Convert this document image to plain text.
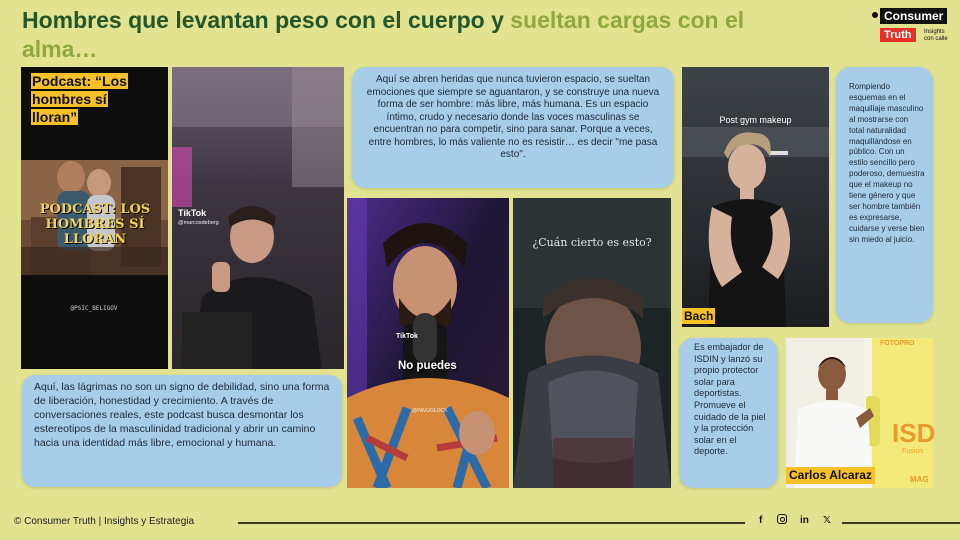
Hombres que levantan peso con el cuerpo y sueltan cargas con el alma…
Consumer
Truth	Insights con calle
@PSIC_BELIGOV
PODCAST: LOS HOMBRES SÍ LLORAN
Podcast: “Los hombres sí lloran”
TikTok
@marcosdeberg
TikTok
No puedes
@PAVUOLOCK
¿Cuán cierto es esto?
Aquí se abren heridas que nunca tuvieron espacio, se sueltan emociones que siempre se aguantaron, y se construye una nueva forma de ser hombre: más libre, más humana. Es un espacio íntimo, crudo y necesario donde las voces masculinas se encuentran no para competir, sino para sanar. Porque a veces, entre hombres, lo más valiente no es resistir… es decir "me pasa esto".
Post gym makeup
Bach
Rompiendo esquemas en el maquillaje masculino al mostrarse con total naturalidad maquillándose en público. Con un estilo sencillo pero poderoso, demuestra que el makeup no tiene género y que ser hombre también es expresarse, cuidarse y verse bien sin miedo al juicio.
Es embajador de ISDIN y lanzó su propio protector solar para deportistas. Promueve el cuidado de la piel y la protección solar en el deporte.
ISD
FOTOPRO
Fusion
MAG
Carlos Alcaraz
Aquí, las lágrimas no son un signo de debilidad, sino una forma de liberación, honestidad y crecimiento. A través de conversaciones reales, este podcast busca desmontar los estereotipos de la masculinidad tradicional y abrir un camino hacia una identidad más libre, emocional y humana.
© Consumer Truth | Insights y Estrategia	f	in 𝕏
